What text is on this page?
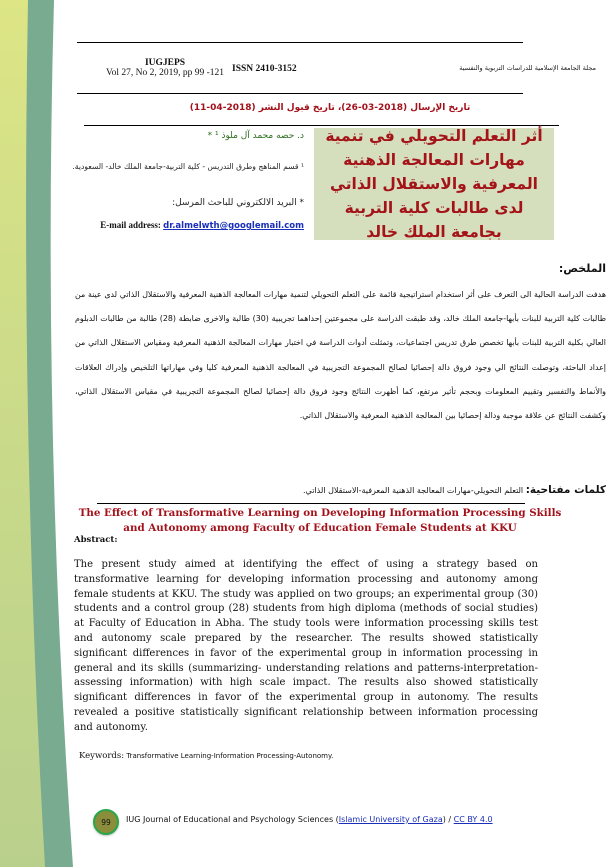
IUGJEPS
Vol 27, No 2, 2019, pp 99 -121 ISSN 2410-3152	مجلة الجامعة الإسلامية للدراسات التربوية والنفسية
تاريخ الإرسال (2018-03-26)، تاريخ قبول النشر (2018-04-11)
أثر التعلم التحويلي في تنمية مهارات المعالجة الذهنية المعرفية والاستقلال الذاتي لدى طالبات كلية التربية بجامعة الملك خالد
د. حصه محمد آل ملوذ ¹ *
¹ قسم المناهج وطرق التدريس - كلية التربية-جامعة الملك خالد- السعودية.
* البريد الالكتروني للباحث المرسل:
E-mail address: dr.almelwth@googlemail.com
الملخص:
هدفت الدراسة الحالية الى التعرف على أثر استخدام استراتيجية قائمة على التعلم التحويلي لتنمية مهارات المعالجة الذهنية المعرفية والاستقلال الذاتي لدى عينة من طالبات كلية التربية للبنات بأبها-جامعة الملك خالد، وقد طبقت الدراسة على مجموعتين إحداهما تجريبية (30) طالبة والاخرى ضابطة (28) طالبة من طالبات الدبلوم العالي بكلية التربية للبنات بأبها تخصص طرق تدريس اجتماعيات، وتمثلت أدوات الدراسة في اختبار مهارات المعالجة الذهنية المعرفية ومقياس الاستقلال الذاتي من إعداد الباحثة، وتوصلت النتائج الي وجود فروق دالة إحصائيا لصالح المجموعة التجريبية في المعالجة الذهنية المعرفية كليا وفي مهاراتها التلخيص وإدراك العلاقات والأنماط والتفسير وتقييم المعلومات وبحجم تأثير مرتفع، كما أظهرت النتائج وجود فروق دالة إحصائيا لصالح المجموعة التجريبية في مقياس الاستقلال الذاتي، وكشفت النتائج عن علاقة موجبة ودالة إحصائيا بين المعالجة الذهنية المعرفية والاستقلال الذاتي.
كلمات مفتاحية: التعلم التحويلي-مهارات المعالجة الذهنية المعرفية-الاستقلال الذاتي.
The Effect of Transformative Learning on Developing Information Processing Skills and Autonomy among Faculty of Education Female Students at KKU
Abstract:
The present study aimed at identifying the effect of using a strategy based on transformative learning for developing information processing and autonomy among female students at KKU. The study was applied on two groups; an experimental group (30) students and a control group (28) students from high diploma (methods of social studies) at Faculty of Education in Abha. The study tools were information processing skills test and autonomy scale prepared by the researcher. The results showed statistically significant differences in favor of the experimental group in information processing in general and its skills (summarizing- understanding relations and patterns-interpretation-assessing information) with high scale impact. The results also showed statistically significant differences in favor of the experimental group in autonomy. The results revealed a positive statistically significant relationship between information processing and autonomy.
Keywords: Transformative Learning-Information Processing-Autonomy.
99	IUG Journal of Educational and Psychology Sciences (Islamic University of Gaza) / CC BY 4.0
